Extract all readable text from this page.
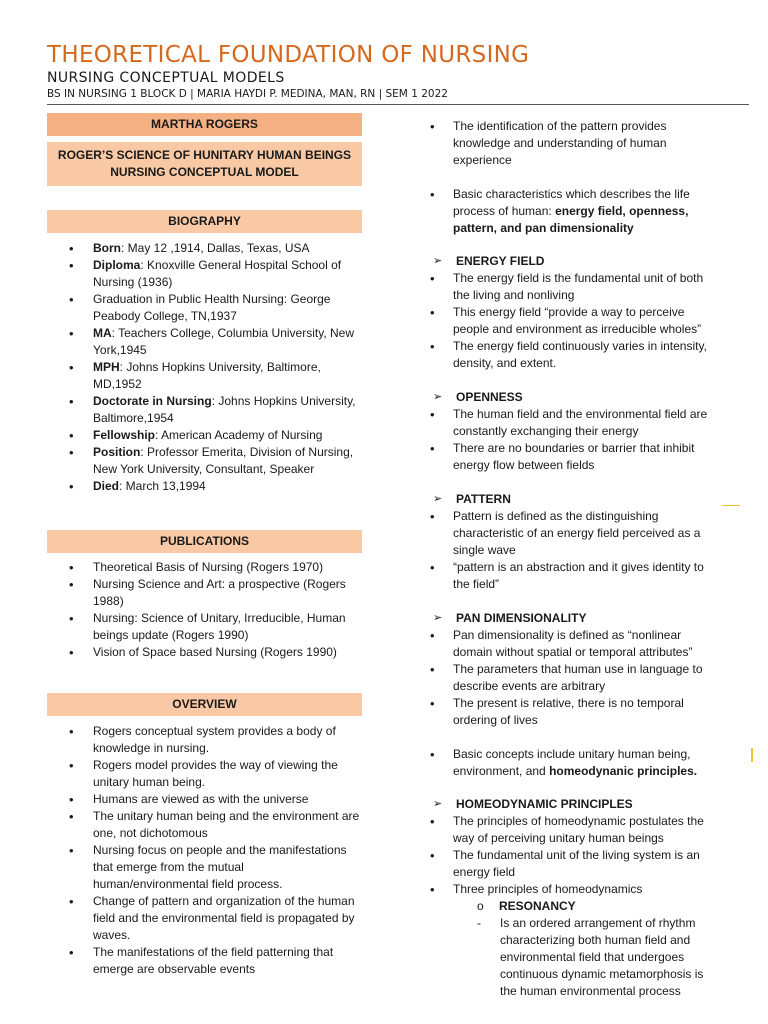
THEORETICAL FOUNDATION OF NURSING
NURSING CONCEPTUAL MODELS
BS IN NURSING 1 BLOCK D | MARIA HAYDI P. MEDINA, MAN, RN | SEM 1 2022
MARTHA ROGERS
ROGER’S SCIENCE OF HUNITARY HUMAN BEINGS
NURSING CONCEPTUAL MODEL
BIOGRAPHY
• Born: May 12 ,1914, Dallas, Texas, USA
• Diploma: Knoxville General Hospital School of Nursing (1936)
• Graduation in Public Health Nursing: George Peabody College, TN,1937
• MA: Teachers College, Columbia University, New York,1945
• MPH: Johns Hopkins University, Baltimore, MD,1952
• Doctorate in Nursing: Johns Hopkins University, Baltimore,1954
• Fellowship: American Academy of Nursing
• Position: Professor Emerita, Division of Nursing, New York University, Consultant, Speaker
• Died: March 13,1994
PUBLICATIONS
• Theoretical Basis of Nursing (Rogers 1970)
• Nursing Science and Art: a prospective (Rogers 1988)
• Nursing: Science of Unitary, Irreducible, Human beings update (Rogers 1990)
• Vision of Space based Nursing (Rogers 1990)
OVERVIEW
• Rogers conceptual system provides a body of knowledge in nursing.
• Rogers model provides the way of viewing the unitary human being.
• Humans are viewed as with the universe
• The unitary human being and the environment are one, not dichotomous
• Nursing focus on people and the manifestations that emerge from the mutual human/environmental field process.
• Change of pattern and organization of the human field and the environmental field is propagated by waves.
• The manifestations of the field patterning that emerge are observable events
• The identification of the pattern provides knowledge and understanding of human experience
• Basic characteristics which describes the life process of human: energy field, openness, pattern, and pan dimensionality
➢ ENERGY FIELD
• The energy field is the fundamental unit of both the living and nonliving
• This energy field “provide a way to perceive people and environment as irreducible wholes”
• The energy field continuously varies in intensity, density, and extent.
➢ OPENNESS
• The human field and the environmental field are constantly exchanging their energy
• There are no boundaries or barrier that inhibit energy flow between fields
➢ PATTERN
• Pattern is defined as the distinguishing characteristic of an energy field perceived as a single wave
• “pattern is an abstraction and it gives identity to the field”
➢ PAN DIMENSIONALITY
• Pan dimensionality is defined as “nonlinear domain without spatial or temporal attributes”
• The parameters that human use in language to describe events are arbitrary
• The present is relative, there is no temporal ordering of lives
• Basic concepts include unitary human being, environment, and homeodynanic principles.
➢ HOMEODYNAMIC PRINCIPLES
• The principles of homeodynamic postulates the way of perceiving unitary human beings
• The fundamental unit of the living system is an energy field
• Three principles of homeodynamics
o RESONANCY
- Is an ordered arrangement of rhythm characterizing both human field and environmental field that undergoes continuous dynamic metamorphosis is the human environmental process
